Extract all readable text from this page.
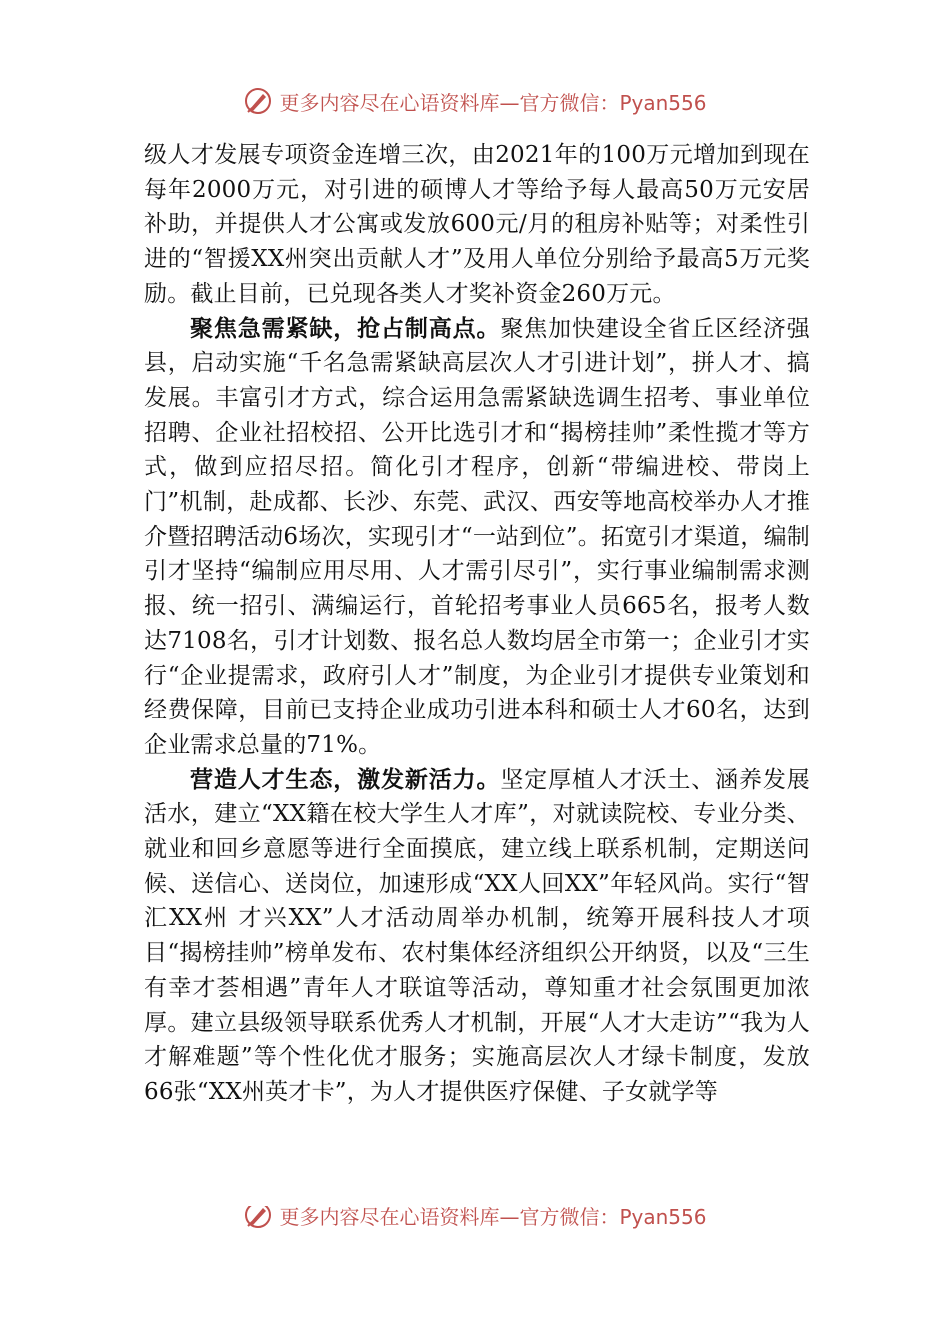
更多内容尽在心语资料库—官方微信：Pyan556

级人才发展专项资金连增三次，由2021年的100万元增加到现在每年2000万元，对引进的硕博人才等给予每人最高50万元安居补助，并提供人才公寓或发放600元/月的租房补贴等；对柔性引进的“智援XX州突出贡献人才”及用人单位分别给予最高5万元奖励。截止目前，已兑现各类人才奖补资金260万元。

聚焦急需紧缺，抢占制高点。聚焦加快建设全省丘区经济强县，启动实施“千名急需紧缺高层次人才引进计划”，拼人才、搞发展。丰富引才方式，综合运用急需紧缺选调生招考、事业单位招聘、企业社招校招、公开比选引才和“揭榜挂帅”柔性揽才等方式，做到应招尽招。简化引才程序，创新“带编进校、带岗上门”机制，赴成都、长沙、东莞、武汉、西安等地高校举办人才推介暨招聘活动6场次，实现引才“一站到位”。拓宽引才渠道，编制引才坚持“编制应用尽用、人才需引尽引”，实行事业编制需求测报、统一招引、满编运行，首轮招考事业人员665名，报考人数达7108名，引才计划数、报名总人数均居全市第一；企业引才实行“企业提需求，政府引人才”制度，为企业引才提供专业策划和经费保障，目前已支持企业成功引进本科和硕士人才60名，达到企业需求总量的71%。

营造人才生态，激发新活力。坚定厚植人才沃土、涵养发展活水，建立“XX籍在校大学生人才库”，对就读院校、专业分类、就业和回乡意愿等进行全面摸底，建立线上联系机制，定期送问候、送信心、送岗位，加速形成“XX人回XX”年轻风尚。实行“智汇XX州 才兴XX”人才活动周举办机制，统筹开展科技人才项目“揭榜挂帅”榜单发布、农村集体经济组织公开纳贤，以及“三生有幸才荟相遇”青年人才联谊等活动，尊知重才社会氛围更加浓厚。建立县级领导联系优秀人才机制，开展“人才大走访”“我为人才解难题”等个性化优才服务；实施高层次人才绿卡制度，发放66张“XX州英才卡”，为人才提供医疗保健、子女就学等

更多内容尽在心语资料库—官方微信：Pyan556
